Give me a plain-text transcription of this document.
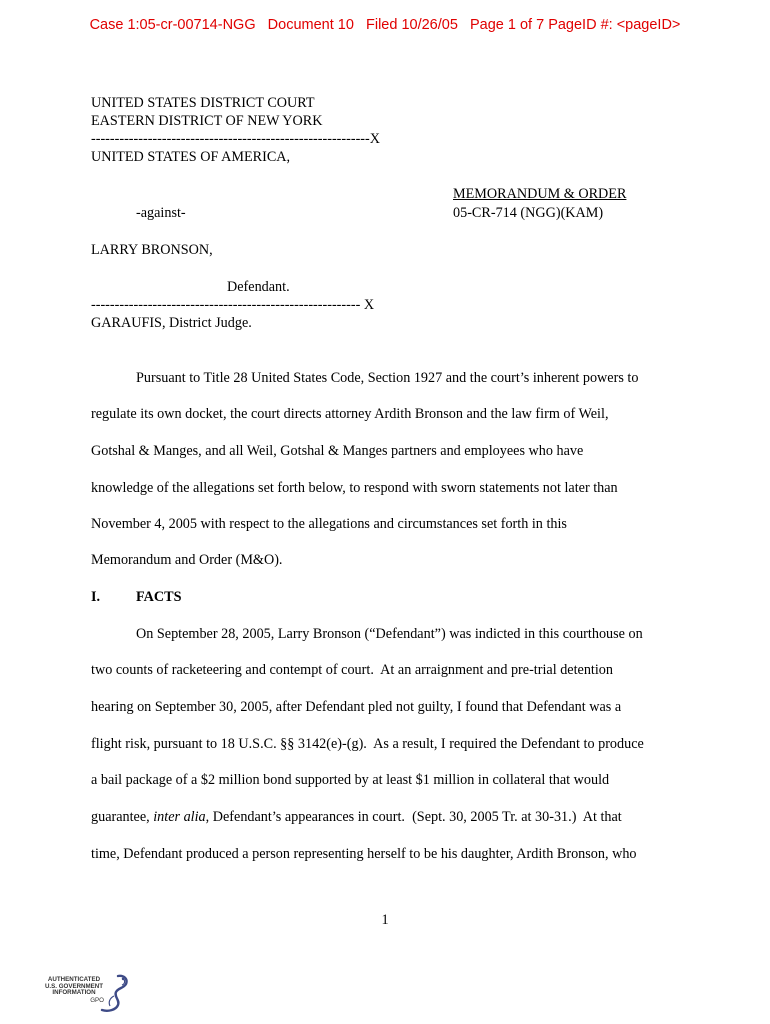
Case 1:05-cr-00714-NGG   Document 10   Filed 10/26/05   Page 1 of 7 PageID #: <pageID>
UNITED STATES DISTRICT COURT
EASTERN DISTRICT OF NEW YORK
-----------------------------------------------------------X
UNITED STATES OF AMERICA,
MEMORANDUM & ORDER
-against-	05-CR-714 (NGG)(KAM)
LARRY BRONSON,
Defendant.
--------------------------------------------------------- X
GARAUFIS, District Judge.
Pursuant to Title 28 United States Code, Section 1927 and the court’s inherent powers to
regulate its own docket, the court directs attorney Ardith Bronson and the law firm of Weil,
Gotshal & Manges, and all Weil, Gotshal & Manges partners and employees who have
knowledge of the allegations set forth below, to respond with sworn statements not later than
November 4, 2005 with respect to the allegations and circumstances set forth in this
Memorandum and Order (M&O).
I.	FACTS
On September 28, 2005, Larry Bronson (“Defendant”) was indicted in this courthouse on
two counts of racketeering and contempt of court.  At an arraignment and pre-trial detention
hearing on September 30, 2005, after Defendant pled not guilty, I found that Defendant was a
flight risk, pursuant to 18 U.S.C. §§ 3142(e)-(g).  As a result, I required the Defendant to produce
a bail package of a $2 million bond supported by at least $1 million in collateral that would
guarantee, inter alia, Defendant’s appearances in court.  (Sept. 30, 2005 Tr. at 30-31.)  At that
time, Defendant produced a person representing herself to be his daughter, Ardith Bronson, who
1
AUTHENTICATED
U.S. GOVERNMENT
INFORMATION
GPO
